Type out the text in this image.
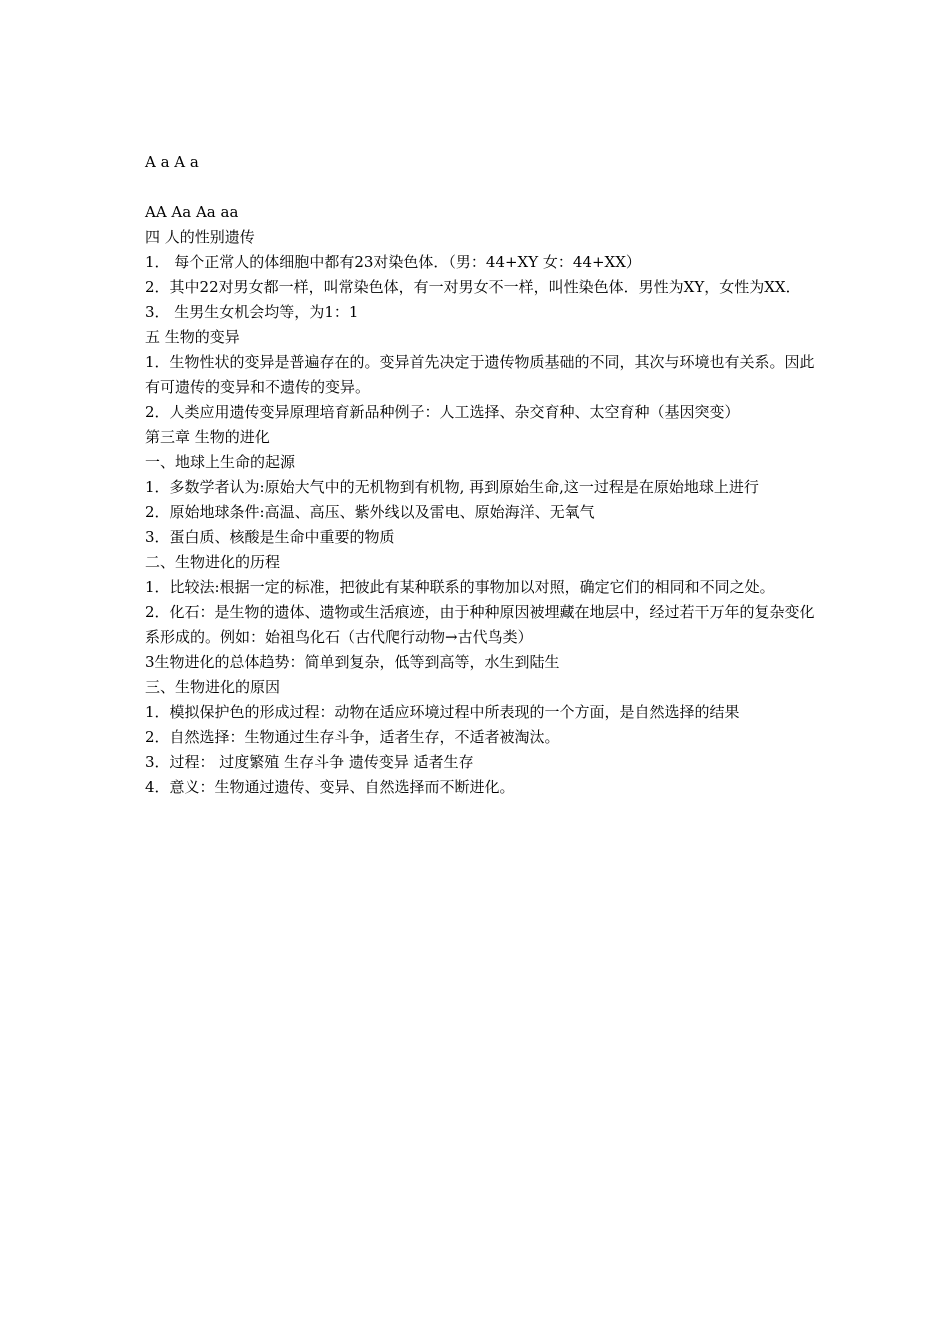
A a A a

AA Aa Aa aa

四 人的性别遗传

1． 每个正常人的体细胞中都有23对染色体．（男：44+XY 女：44+XX）

2．其中22对男女都一样，叫常染色体，有一对男女不一样，叫性染色体．男性为XY，女性为XX．

3． 生男生女机会均等，为1：1

五 生物的变异

1．生物性状的变异是普遍存在的。变异首先决定于遗传物质基础的不同，其次与环境也有关系。因此有可遗传的变异和不遗传的变异。

2．人类应用遗传变异原理培育新品种例子：人工选择、杂交育种、太空育种（基因突变）

第三章 生物的进化

一、地球上生命的起源

1．多数学者认为:原始大气中的无机物到有机物, 再到原始生命,这一过程是在原始地球上进行

2．原始地球条件:高温、高压、紫外线以及雷电、原始海洋、无氧气

3．蛋白质、核酸是生命中重要的物质

二、生物进化的历程

1．比较法:根据一定的标准，把彼此有某种联系的事物加以对照，确定它们的相同和不同之处。

2．化石：是生物的遗体、遗物或生活痕迹，由于种种原因被埋藏在地层中，经过若干万年的复杂变化系形成的。例如：始祖鸟化石（古代爬行动物→古代鸟类）

3生物进化的总体趋势：简单到复杂，低等到高等，水生到陆生

三、生物进化的原因

1．模拟保护色的形成过程：动物在适应环境过程中所表现的一个方面，是自然选择的结果

2．自然选择：生物通过生存斗争，适者生存，不适者被淘汰。

3．过程： 过度繁殖 生存斗争 遗传变异 适者生存

4．意义：生物通过遗传、变异、自然选择而不断进化。
